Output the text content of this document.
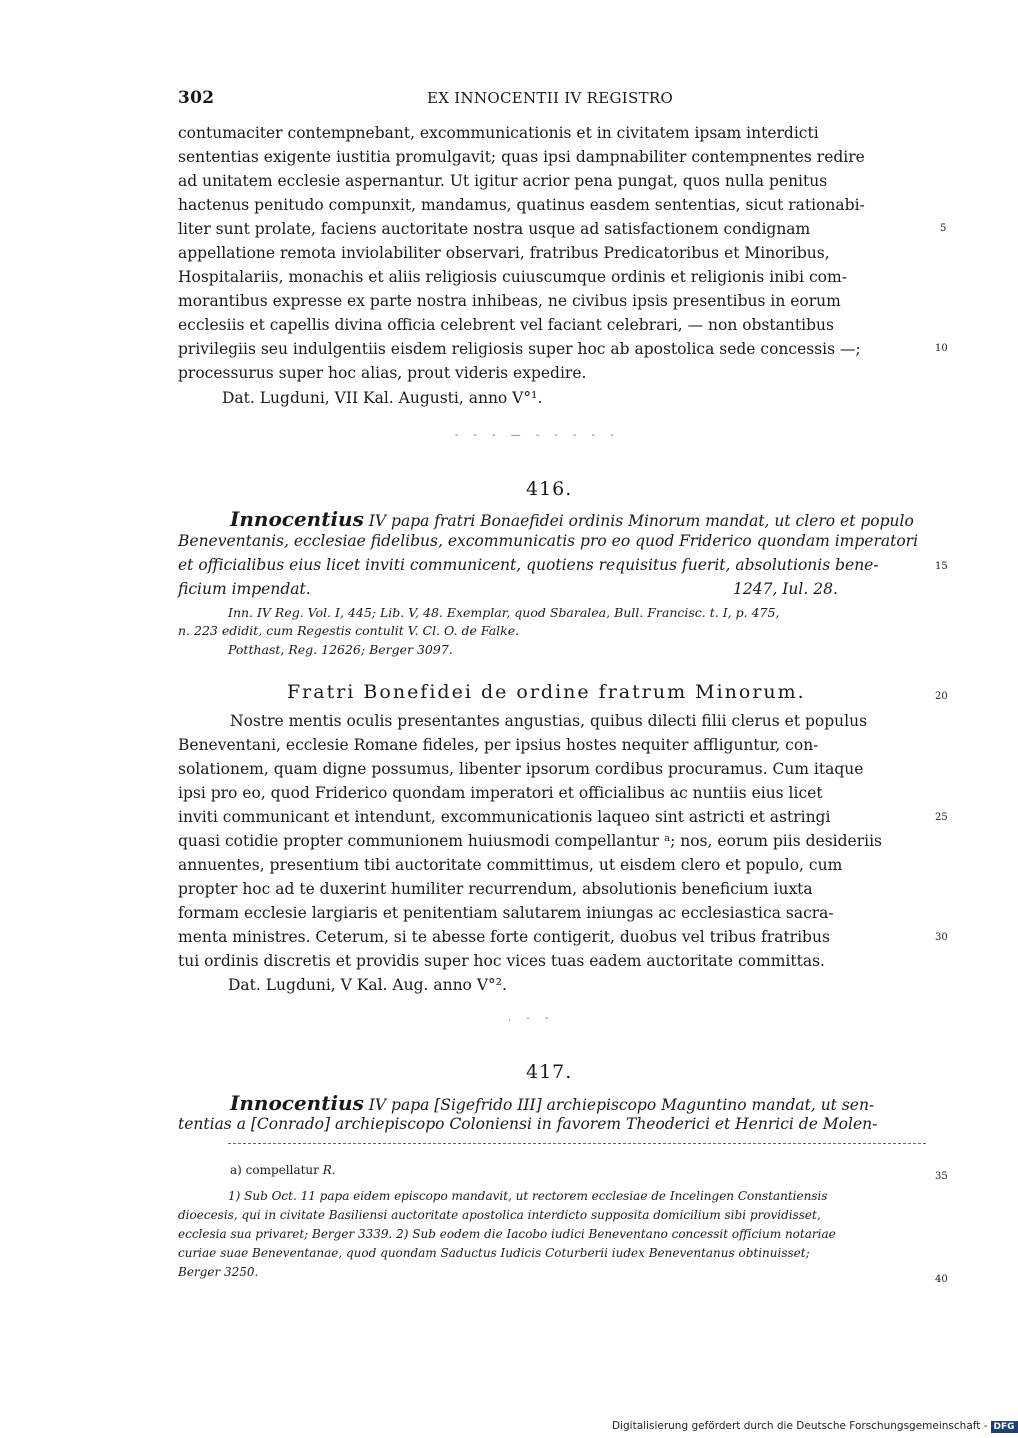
302	EX INNOCENTII IV REGISTRO
contumaciter contempnebant, excommunicationis et in civitatem ipsam interdicti
sententias exigente iustitia promulgavit; quas ipsi dampnabiliter contempnentes redire
ad unitatem ecclesie aspernantur. Ut igitur acrior pena pungat, quos nulla penitus
hactenus penitudo compunxit, mandamus, quatinus easdem sententias, sicut rationabi-
liter sunt prolate, faciens auctoritate nostra usque ad satisfactionem condignam
appellatione remota inviolabiliter observari, fratribus Predicatoribus et Minoribus,
Hospitalariis, monachis et aliis religiosis cuiuscumque ordinis et religionis inibi com-
morantibus expresse ex parte nostra inhibeas, ne civibus ipsis presentibus in eorum
ecclesiis et capellis divina officia celebrent vel faciant celebrari, — non obstantibus
privilegiis seu indulgentiis eisdem religiosis super hoc ab apostolica sede concessis —;
processurus super hoc alias, prout videris expedire.
Dat. Lugduni, VII Kal. Augusti, anno V°¹.
- - - — - - - - -
416.
Innocentius IV papa fratri Bonaefidei ordinis Minorum mandat, ut clero et populo
Beneventanis, ecclesiae fidelibus, excommunicatis pro eo quod Friderico quondam imperatori
et officialibus eius licet inviti communicent, quotiens requisitus fuerit, absolutionis bene-
ficium impendat.	1247, Iul. 28.
Inn. IV Reg. Vol. I, 445; Lib. V, 48. Exemplar, quod Sbaralea, Bull. Francisc. t. I, p. 475,
n. 223 edidit, cum Regestis contulit V. Cl. O. de Falke.
Potthast, Reg. 12626; Berger 3097.
Fratri Bonefidei de ordine fratrum Minorum.
Nostre mentis oculis presentantes angustias, quibus dilecti filii clerus et populus
Beneventani, ecclesie Romane fideles, per ipsius hostes nequiter affliguntur, con-
solationem, quam digne possumus, libenter ipsorum cordibus procuramus. Cum itaque
ipsi pro eo, quod Friderico quondam imperatori et officialibus ac nuntiis eius licet
inviti communicant et intendunt, excommunicationis laqueo sint astricti et astringi
quasi cotidie propter communionem huiusmodi compellantur ᵃ; nos, eorum piis desideriis
annuentes, presentium tibi auctoritate committimus, ut eisdem clero et populo, cum
propter hoc ad te duxerint humiliter recurrendum, absolutionis beneficium iuxta
formam ecclesie largiaris et penitentiam salutarem iniungas ac ecclesiastica sacra-
menta ministres. Ceterum, si te abesse forte contigerit, duobus vel tribus fratribus
tui ordinis discretis et providis super hoc vices tuas eadem auctoritate committas.
Dat. Lugduni, V Kal. Aug. anno V°².
. - -
417.
Innocentius IV papa [Sigefrido III] archiepiscopo Maguntino mandat, ut sen-
tentias a [Conrado] archiepiscopo Coloniensi in favorem Theoderici et Henrici de Molen-
a) compellatur R.
1) Sub Oct. 11 papa eidem episcopo mandavit, ut rectorem ecclesiae de Incelingen Constantiensis
dioecesis, qui in civitate Basiliensi auctoritate apostolica interdicto supposita domicilium sibi providisset,
ecclesia sua privaret; Berger 3339. 2) Sub eodem die Iacobo iudici Beneventano concessit officium notariae
curiae suae Beneventanae, quod quondam Saductus Iudicis Coturberii iudex Beneventanus obtinuisset;
Berger 3250.
5
10
15
20
25
30
35
40
Digitalisierung gefördert durch die Deutsche Forschungsgemeinschaft - DFG
